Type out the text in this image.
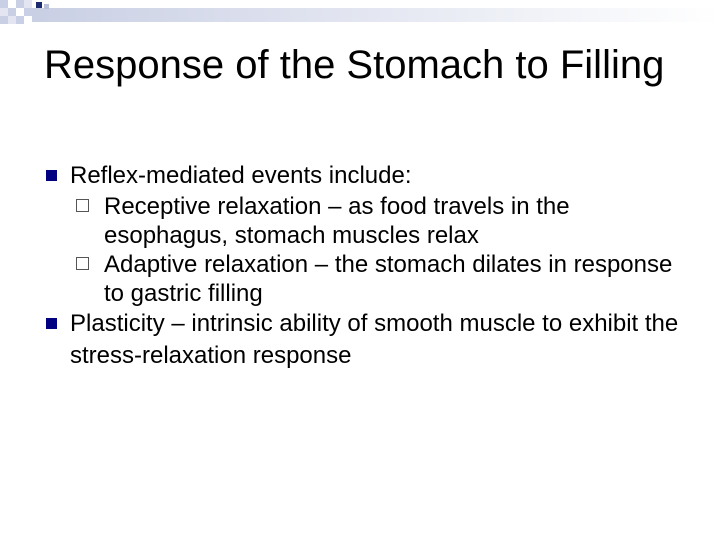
Response of the Stomach to Filling
Reflex-mediated events include:
Receptive relaxation – as food travels in the esophagus, stomach muscles relax
Adaptive relaxation – the stomach dilates in response to gastric filling
Plasticity – intrinsic ability of smooth muscle to exhibit the stress-relaxation response
